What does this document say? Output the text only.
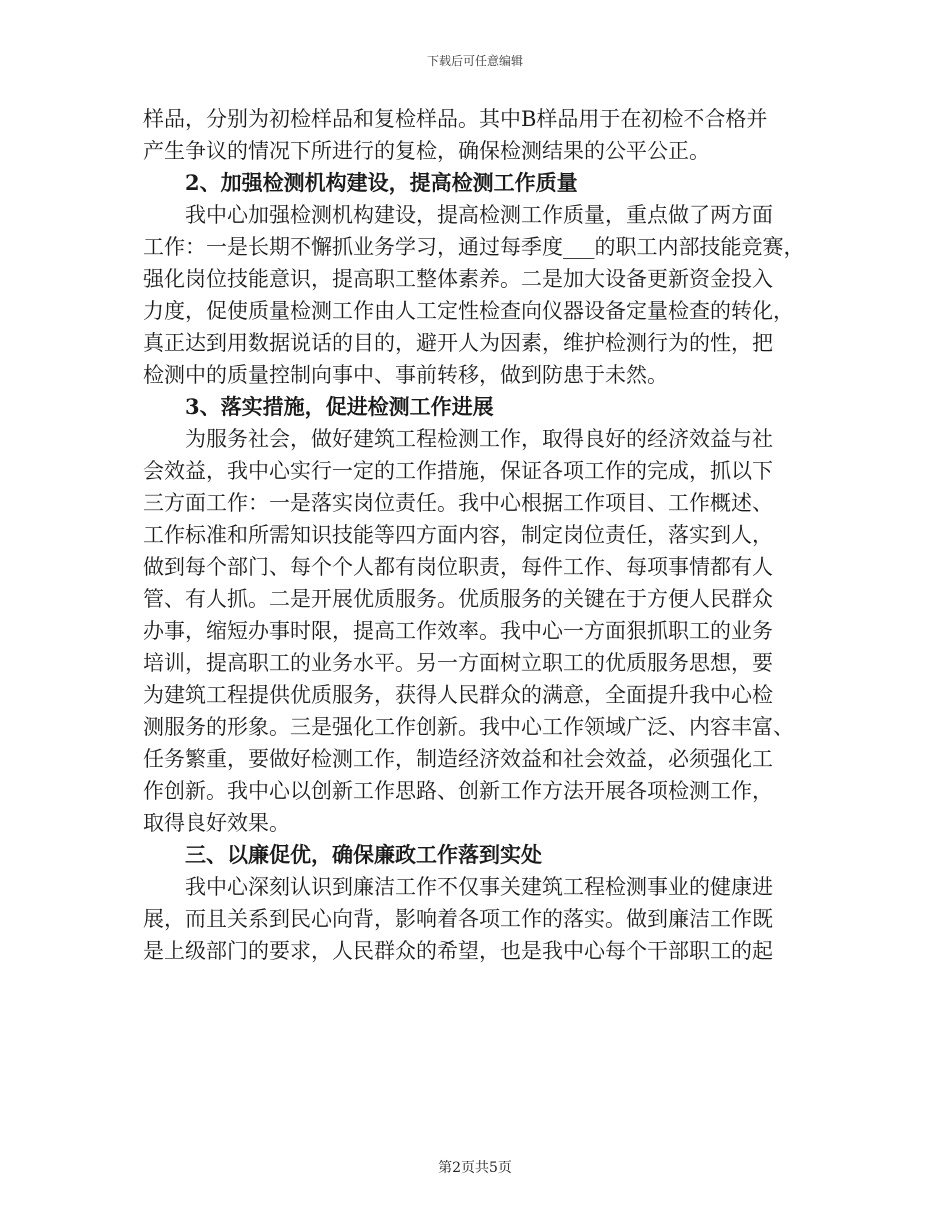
下载后可任意编辑
样品，分别为初检样品和复检样品。其中B样品用于在初检不合格并
产生争议的情况下所进行的复检，确保检测结果的公平公正。
2、加强检测机构建设，提高检测工作质量
我中心加强检测机构建设，提高检测工作质量，重点做了两方面
工作：一是长期不懈抓业务学习，通过每季度___的职工内部技能竞赛，
强化岗位技能意识，提高职工整体素养。二是加大设备更新资金投入
力度，促使质量检测工作由人工定性检查向仪器设备定量检查的转化，
真正达到用数据说话的目的，避开人为因素，维护检测行为的性，把
检测中的质量控制向事中、事前转移，做到防患于未然。
3、落实措施，促进检测工作进展
为服务社会，做好建筑工程检测工作，取得良好的经济效益与社
会效益，我中心实行一定的工作措施，保证各项工作的完成，抓以下
三方面工作：一是落实岗位责任。我中心根据工作项目、工作概述、
工作标准和所需知识技能等四方面内容，制定岗位责任，落实到人，
做到每个部门、每个个人都有岗位职责，每件工作、每项事情都有人
管、有人抓。二是开展优质服务。优质服务的关键在于方便人民群众
办事，缩短办事时限，提高工作效率。我中心一方面狠抓职工的业务
培训，提高职工的业务水平。另一方面树立职工的优质服务思想，要
为建筑工程提供优质服务，获得人民群众的满意，全面提升我中心检
测服务的形象。三是强化工作创新。我中心工作领域广泛、内容丰富、
任务繁重，要做好检测工作，制造经济效益和社会效益，必须强化工
作创新。我中心以创新工作思路、创新工作方法开展各项检测工作，
取得良好效果。
三、以廉促优，确保廉政工作落到实处
我中心深刻认识到廉洁工作不仅事关建筑工程检测事业的健康进
展，而且关系到民心向背，影响着各项工作的落实。做到廉洁工作既
是上级部门的要求，人民群众的希望，也是我中心每个干部职工的起
第2页共5页
